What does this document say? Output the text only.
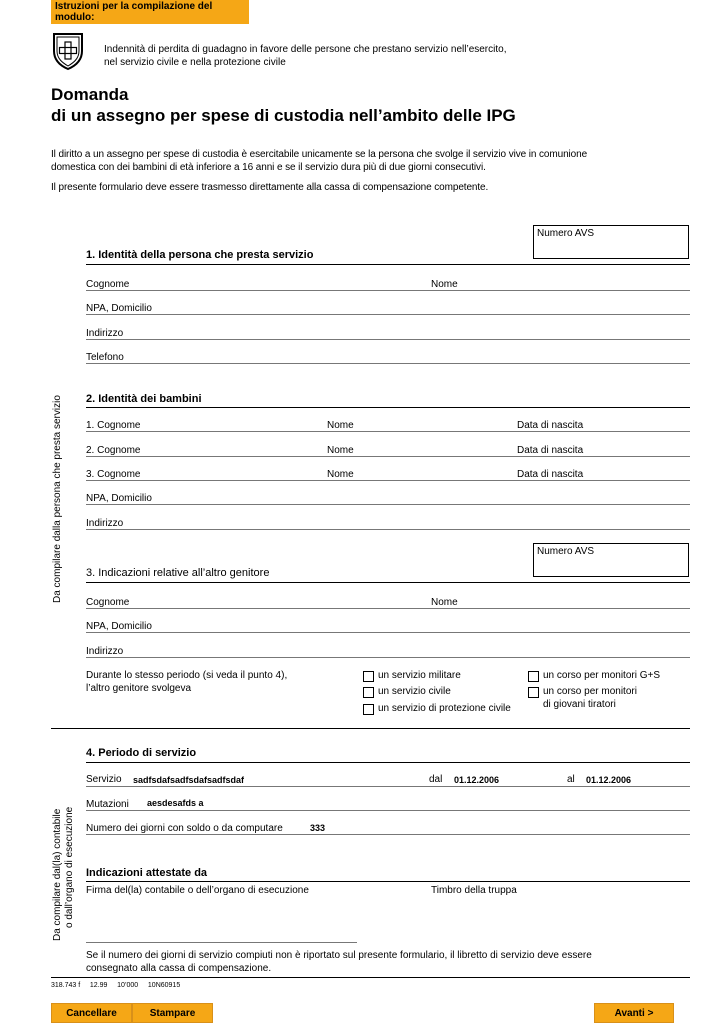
Istruzioni per la compilazione del modulo:
Indennità di perdita di guadagno in favore delle persone che prestano servizio nell’esercito,
nel servizio civile e nella protezione civile
Domanda
di un assegno per spese di custodia nell’ambito delle IPG
Il diritto a un assegno per spese di custodia è esercitabile unicamente se la persona che svolge il servizio vive in comunione
domestica con dei bambini di età inferiore a 16 anni e se il servizio dura più di due giorni consecutivi.
Il presente formulario deve essere trasmesso direttamente alla cassa di compensazione competente.
Da compilare dalla persona che presta servizio
Da compilare dal(la) contabile o dall’organo di esecuzione
Numero AVS
1. Identità della persona che presta servizio
Cognome	Nome
NPA, Domicilio
Indirizzo
Telefono
2. Identità dei bambini
1. Cognome	Nome	Data di nascita
2. Cognome	Nome	Data di nascita
3. Cognome	Nome	Data di nascita
NPA, Domicilio
Indirizzo
Numero AVS
3. Indicazioni relative all’altro genitore
Cognome	Nome
NPA, Domicilio
Indirizzo
Durante lo stesso periodo (si veda il punto 4),
l’altro genitore svolgeva
un servizio militare
un servizio civile
un servizio di protezione civile
un corso per monitori G+S
un corso per monitori
di giovani tiratori
4. Periodo di servizio
Servizio sadfsdafsadfsdafsadfsdaf	dal 01.12.2006	al 01.12.2006
Mutazioni aesdesafds a
Numero dei giorni con soldo o da computare	333
Indicazioni attestate da
Firma del(la) contabile o dell’organo di esecuzione	Timbro della truppa
Se il numero dei giorni di servizio compiuti non è riportato sul presente formulario, il libretto di servizio deve essere
consegnato alla cassa di compensazione.
318.743 f     12.99     10’000     10N60915
Cancellare	Stampare	Avanti >
